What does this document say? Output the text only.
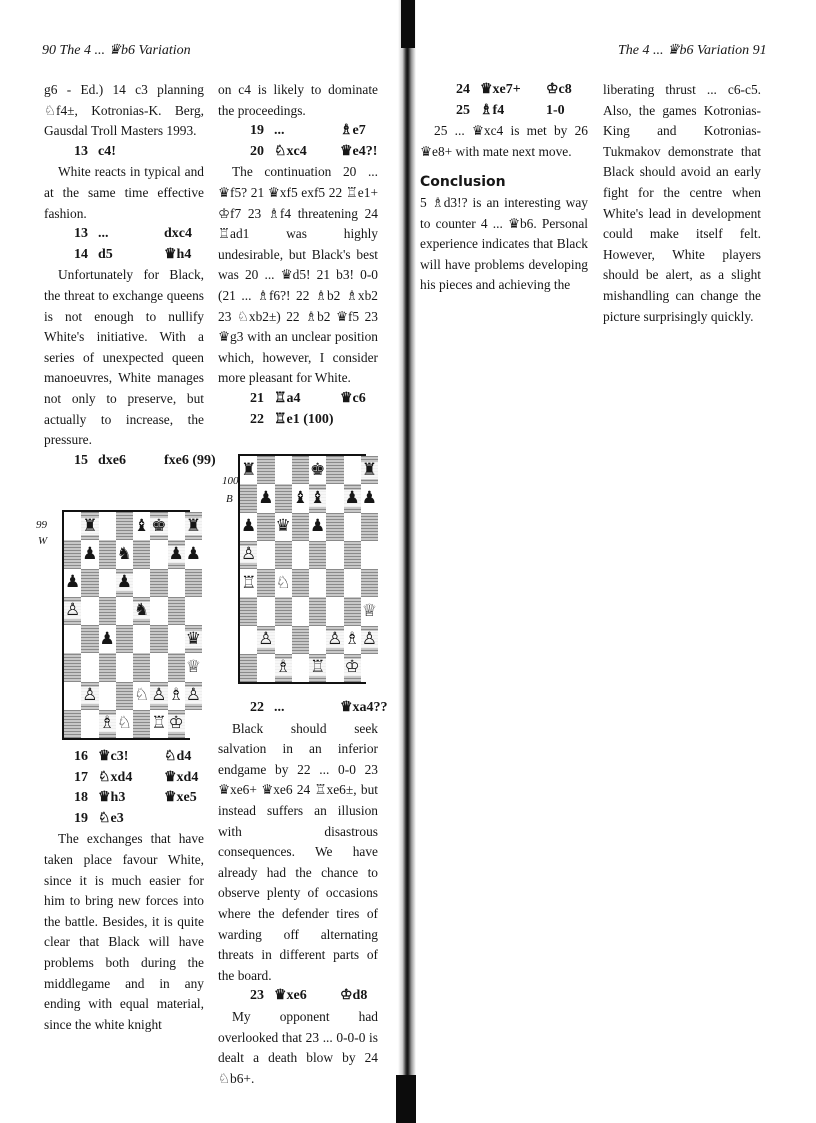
90 The 4 ... ♛b6 Variation	The 4 ... ♛b6 Variation 91

g6 - Ed.) 14 c3 planning ♘f4±, Kotronias-K. Berg, Gausdal Troll Masters 1993.

13 c4!

White reacts in typical and at the same time effective fashion.

13 ...	dxc4
14 d5	♛h4

Unfortunately for Black, the threat to exchange queens is not enough to nullify White's initiative. With a series of unexpected queen manoeuvres, White manages not only to preserve, but actually to increase, the pressure.

15 dxe6	fxe6 (99)
99
W
♜ ♝ ♚ ♜
♟ ♞ ♟ ♟
♟ ♟
♙	♞
♟	♛
♕
♙ ♘ ♙ ♗ ♙
♗ ♘ ♖ ♔
16 ♛c3!	♘d4
17 ♘xd4 ♛xd4
18 ♛h3	♛xe5
19 ♘e3

The exchanges that have taken place favour White, since it is much easier for him to bring new forces into the battle. Besides, it is quite clear that Black will have problems both during the middlegame and in any ending with equal material, since the white knight

on c4 is likely to dominate the proceedings.

19 ...	♗e7
20 ♘xc4 ♛e4?!

The continuation 20 ... ♛f5? 21 ♛xf5 exf5 22 ♖e1+ ♔f7 23 ♗f4 threatening 24 ♖ad1 was highly undesirable, but Black's best was 20 ... ♛d5! 21 b3! 0-0 (21 ... ♗f6?! 22 ♗b2 ♗xb2 23 ♘xb2±) 22 ♗b2 ♛f5 23 ♛g3 with an unclear position which, however, I consider more pleasant for White.

21 ♖a4	♛c6
22 ♖e1 (100)
100
B
♜	♚ ♜
♟ ♝ ♝ ♟ ♟
♟ ♛ ♟
♙
♖ ♘
♕
♙	♙ ♗ ♙
♗ ♖ ♔
22 ...	♛xa4??

Black should seek salvation in an inferior endgame by 22 ... 0-0 23 ♛xe6+ ♛xe6 24 ♖xe6±, but instead suffers an illusion with disastrous consequences. We have already had the chance to observe plenty of occasions where the defender tires of warding off alternating threats in different parts of the board.

23 ♛xe6 ♔d8

My opponent had overlooked that 23 ... 0-0-0 is dealt a death blow by 24 ♘b6+.

24 ♛xe7+ ♔c8
25 ♗f4	1-0

25 ... ♛xc4 is met by 26 ♛e8+ with mate next move.

Conclusion

5 ♗d3!? is an interesting way to counter 4 ... ♛b6. Personal experience indicates that Black will have problems developing his pieces and achieving the

liberating thrust ... c6-c5. Also, the games Kotronias-King and Kotronias-Tukmakov demonstrate that Black should avoid an early fight for the centre when White's lead in development could make itself felt. However, White players should be alert, as a slight mishandling can change the picture surprisingly quickly.
